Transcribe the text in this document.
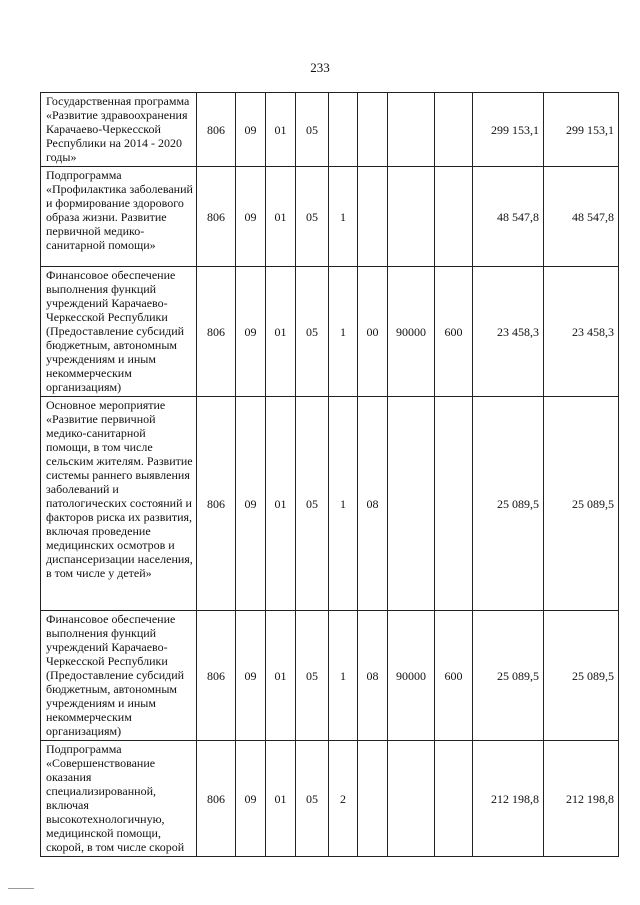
233
Государственная программа «Развитие здравоохранения Карачаево-Черкесской Республики на 2014 - 2020 годы»	806	09	01	05					299 153,1	299 153,1
Подпрограмма «Профилактика заболеваний и формирование здорового образа жизни. Развитие первичной медико-санитарной помощи»	806	09	01	05	1				48 547,8	48 547,8
Финансовое обеспечение выполнения функций учреждений Карачаево-Черкесской Республики (Предоставление субсидий бюджетным, автономным учреждениям и иным некоммерческим организациям)	806	09	01	05	1	00	90000	600	23 458,3	23 458,3
Основное мероприятие «Развитие первичной медико-санитарной помощи, в том числе сельским жителям. Развитие системы раннего выявления заболеваний и патологических состояний и факторов риска их развития, включая проведение медицинских осмотров и диспансеризации населения, в том числе у детей»	806	09	01	05	1	08			25 089,5	25 089,5
Финансовое обеспечение выполнения функций учреждений Карачаево-Черкесской Республики (Предоставление субсидий бюджетным, автономным учреждениям и иным некоммерческим организациям)	806	09	01	05	1	08	90000	600	25 089,5	25 089,5
Подпрограмма «Совершенствование оказания специализированной, включая высокотехнологичную, медицинской помощи, скорой, в том числе скорой	806	09	01	05	2				212 198,8	212 198,8
